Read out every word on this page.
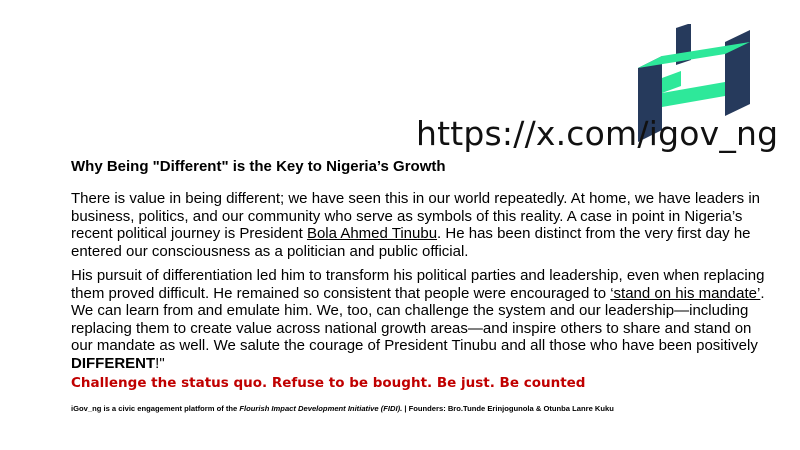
https://x.com/igov_ng

Why Being "Different" is the Key to Nigeria’s Growth

There is value in being different; we have seen this in our world repeatedly. At home, we have leaders in business, politics, and our community who serve as symbols of this reality. A case in point in Nigeria’s recent political journey is President Bola Ahmed Tinubu. He has been distinct from the very first day he entered our consciousness as a politician and public official.

His pursuit of differentiation led him to transform his political parties and leadership, even when replacing them proved difficult. He remained so consistent that people were encouraged to ‘stand on his mandate’. We can learn from and emulate him. We, too, can challenge the system and our leadership—including replacing them to create value across national growth areas—and inspire others to share and stand on our mandate as well. We salute the courage of President Tinubu and all those who have been positively DIFFERENT!"

Challenge the status quo. Refuse to be bought. Be just. Be counted

iGov_ng is a civic engagement platform of the Flourish Impact Development Initiative (FIDI). | Founders: Bro.Tunde Erinjogunola & Otunba Lanre Kuku
